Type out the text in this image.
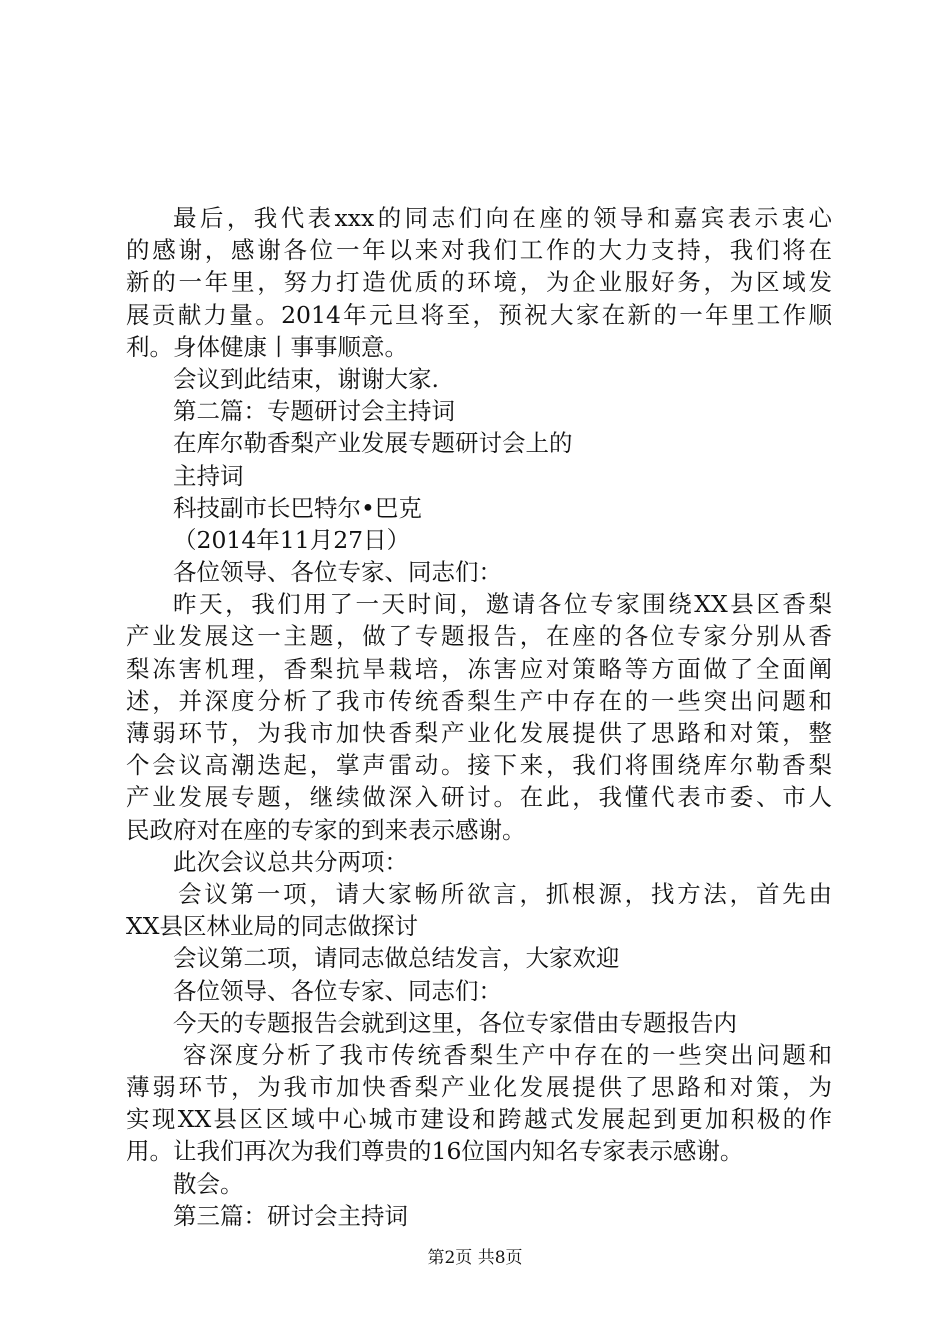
最后，我代表xxx的同志们向在座的领导和嘉宾表示衷心
的感谢，感谢各位一年以来对我们工作的大力支持，我们将在
新的一年里，努力打造优质的环境，为企业服好务，为区域发
展贡献力量。2014年元旦将至，预祝大家在新的一年里工作顺
利。身体健康丨事事顺意。
会议到此结束，谢谢大家.
第二篇：专题研讨会主持词
在库尔勒香梨产业发展专题研讨会上的
主持词
科技副市长巴特尔•巴克
（2014年11月27日）
各位领导、各位专家、同志们：
昨天，我们用了一天时间，邀请各位专家围绕XX县区香梨
产业发展这一主题，做了专题报告，在座的各位专家分别从香
梨冻害机理，香梨抗旱栽培，冻害应对策略等方面做了全面阐
述，并深度分析了我市传统香梨生产中存在的一些突出问题和
薄弱环节，为我市加快香梨产业化发展提供了思路和对策，整
个会议高潮迭起，掌声雷动。接下来，我们将围绕库尔勒香梨
产业发展专题，继续做深入研讨。在此，我懂代表市委、市人
民政府对在座的专家的到来表示感谢。
此次会议总共分两项：
会议第一项，请大家畅所欲言，抓根源，找方法，首先由
XX县区林业局的同志做探讨
会议第二项，请同志做总结发言，大家欢迎
各位领导、各位专家、同志们：
今天的专题报告会就到这里，各位专家借由专题报告内
容深度分析了我市传统香梨生产中存在的一些突出问题和
薄弱环节，为我市加快香梨产业化发展提供了思路和对策，为
实现XX县区区域中心城市建设和跨越式发展起到更加积极的作
用。让我们再次为我们尊贵的16位国内知名专家表示感谢。
散会。
第三篇：研讨会主持词
第2页 共8页
